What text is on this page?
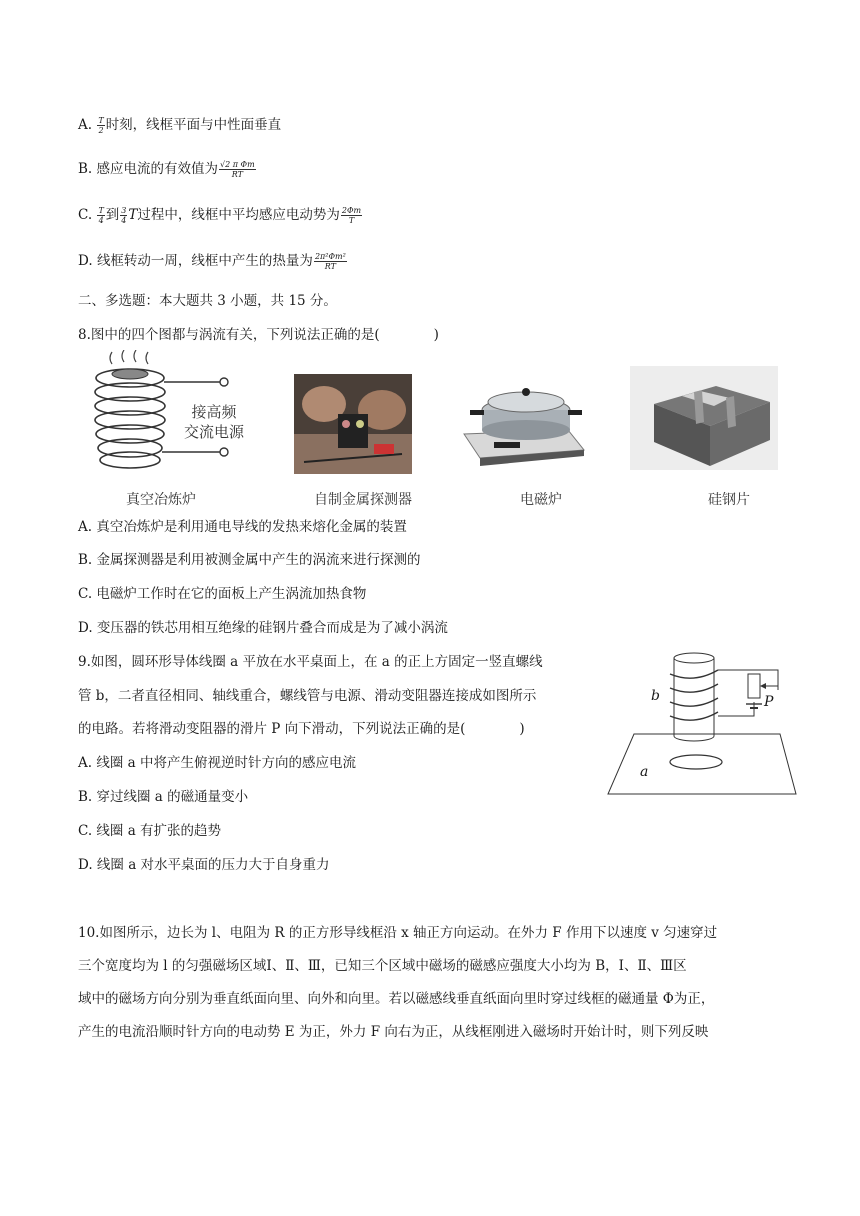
A. $\frac{T}{2}$ 时刻，线框平面与中性面垂直
B. 感应电流的有效值为 $\frac{\text{√2 π Φm}}{RT}$
C. $\frac{T}{4}$ 到 $\frac{3}{4}$ T过程中，线框中平均感应电动势为 $\frac{2\Phi m}{T}$
D. 线框转动一周，线框中产生的热量为 $\frac{\text{2π²Φm²}}{RT}$
二、多选题：本大题共 3 小题，共 15 分。
8.图中的四个图都与涡流有关，下列说法正确的是(　　　　)
接高频
交流电源
真空冶炼炉	自制金属探测器	电磁炉	硅钢片
A. 真空冶炼炉是利用通电导线的发热来熔化金属的装置
B. 金属探测器是利用被测金属中产生的涡流来进行探测的
C. 电磁炉工作时在它的面板上产生涡流加热食物
D. 变压器的铁芯用相互绝缘的硅钢片叠合而成是为了减小涡流
9.如图，圆环形导体线圈 a 平放在水平桌面上，在 a 的正上方固定一竖直螺线
管 b，二者直径相同、轴线重合，螺线管与电源、滑动变阻器连接成如图所示
的电路。若将滑动变阻器的滑片 P 向下滑动，下列说法正确的是(　　　　)
A. 线圈 a 中将产生俯视逆时针方向的感应电流
B. 穿过线圈 a 的磁通量变小
C. 线圈 a 有扩张的趋势
D. 线圈 a 对水平桌面的压力大于自身重力
b	P
a
10.如图所示，边长为 l、电阻为 R 的正方形导线框沿 x 轴正方向运动。在外力 F 作用下以速度 v 匀速穿过
三个宽度均为 l 的匀强磁场区域Ⅰ、Ⅱ、Ⅲ，已知三个区域中磁场的磁感应强度大小均为 B，Ⅰ、Ⅱ、Ⅲ区
域中的磁场方向分别为垂直纸面向里、向外和向里。若以磁感线垂直纸面向里时穿过线框的磁通量 Φ为正，
产生的电流沿顺时针方向的电动势 E 为正，外力 F 向右为正，从线框刚进入磁场时开始计时，则下列反映
